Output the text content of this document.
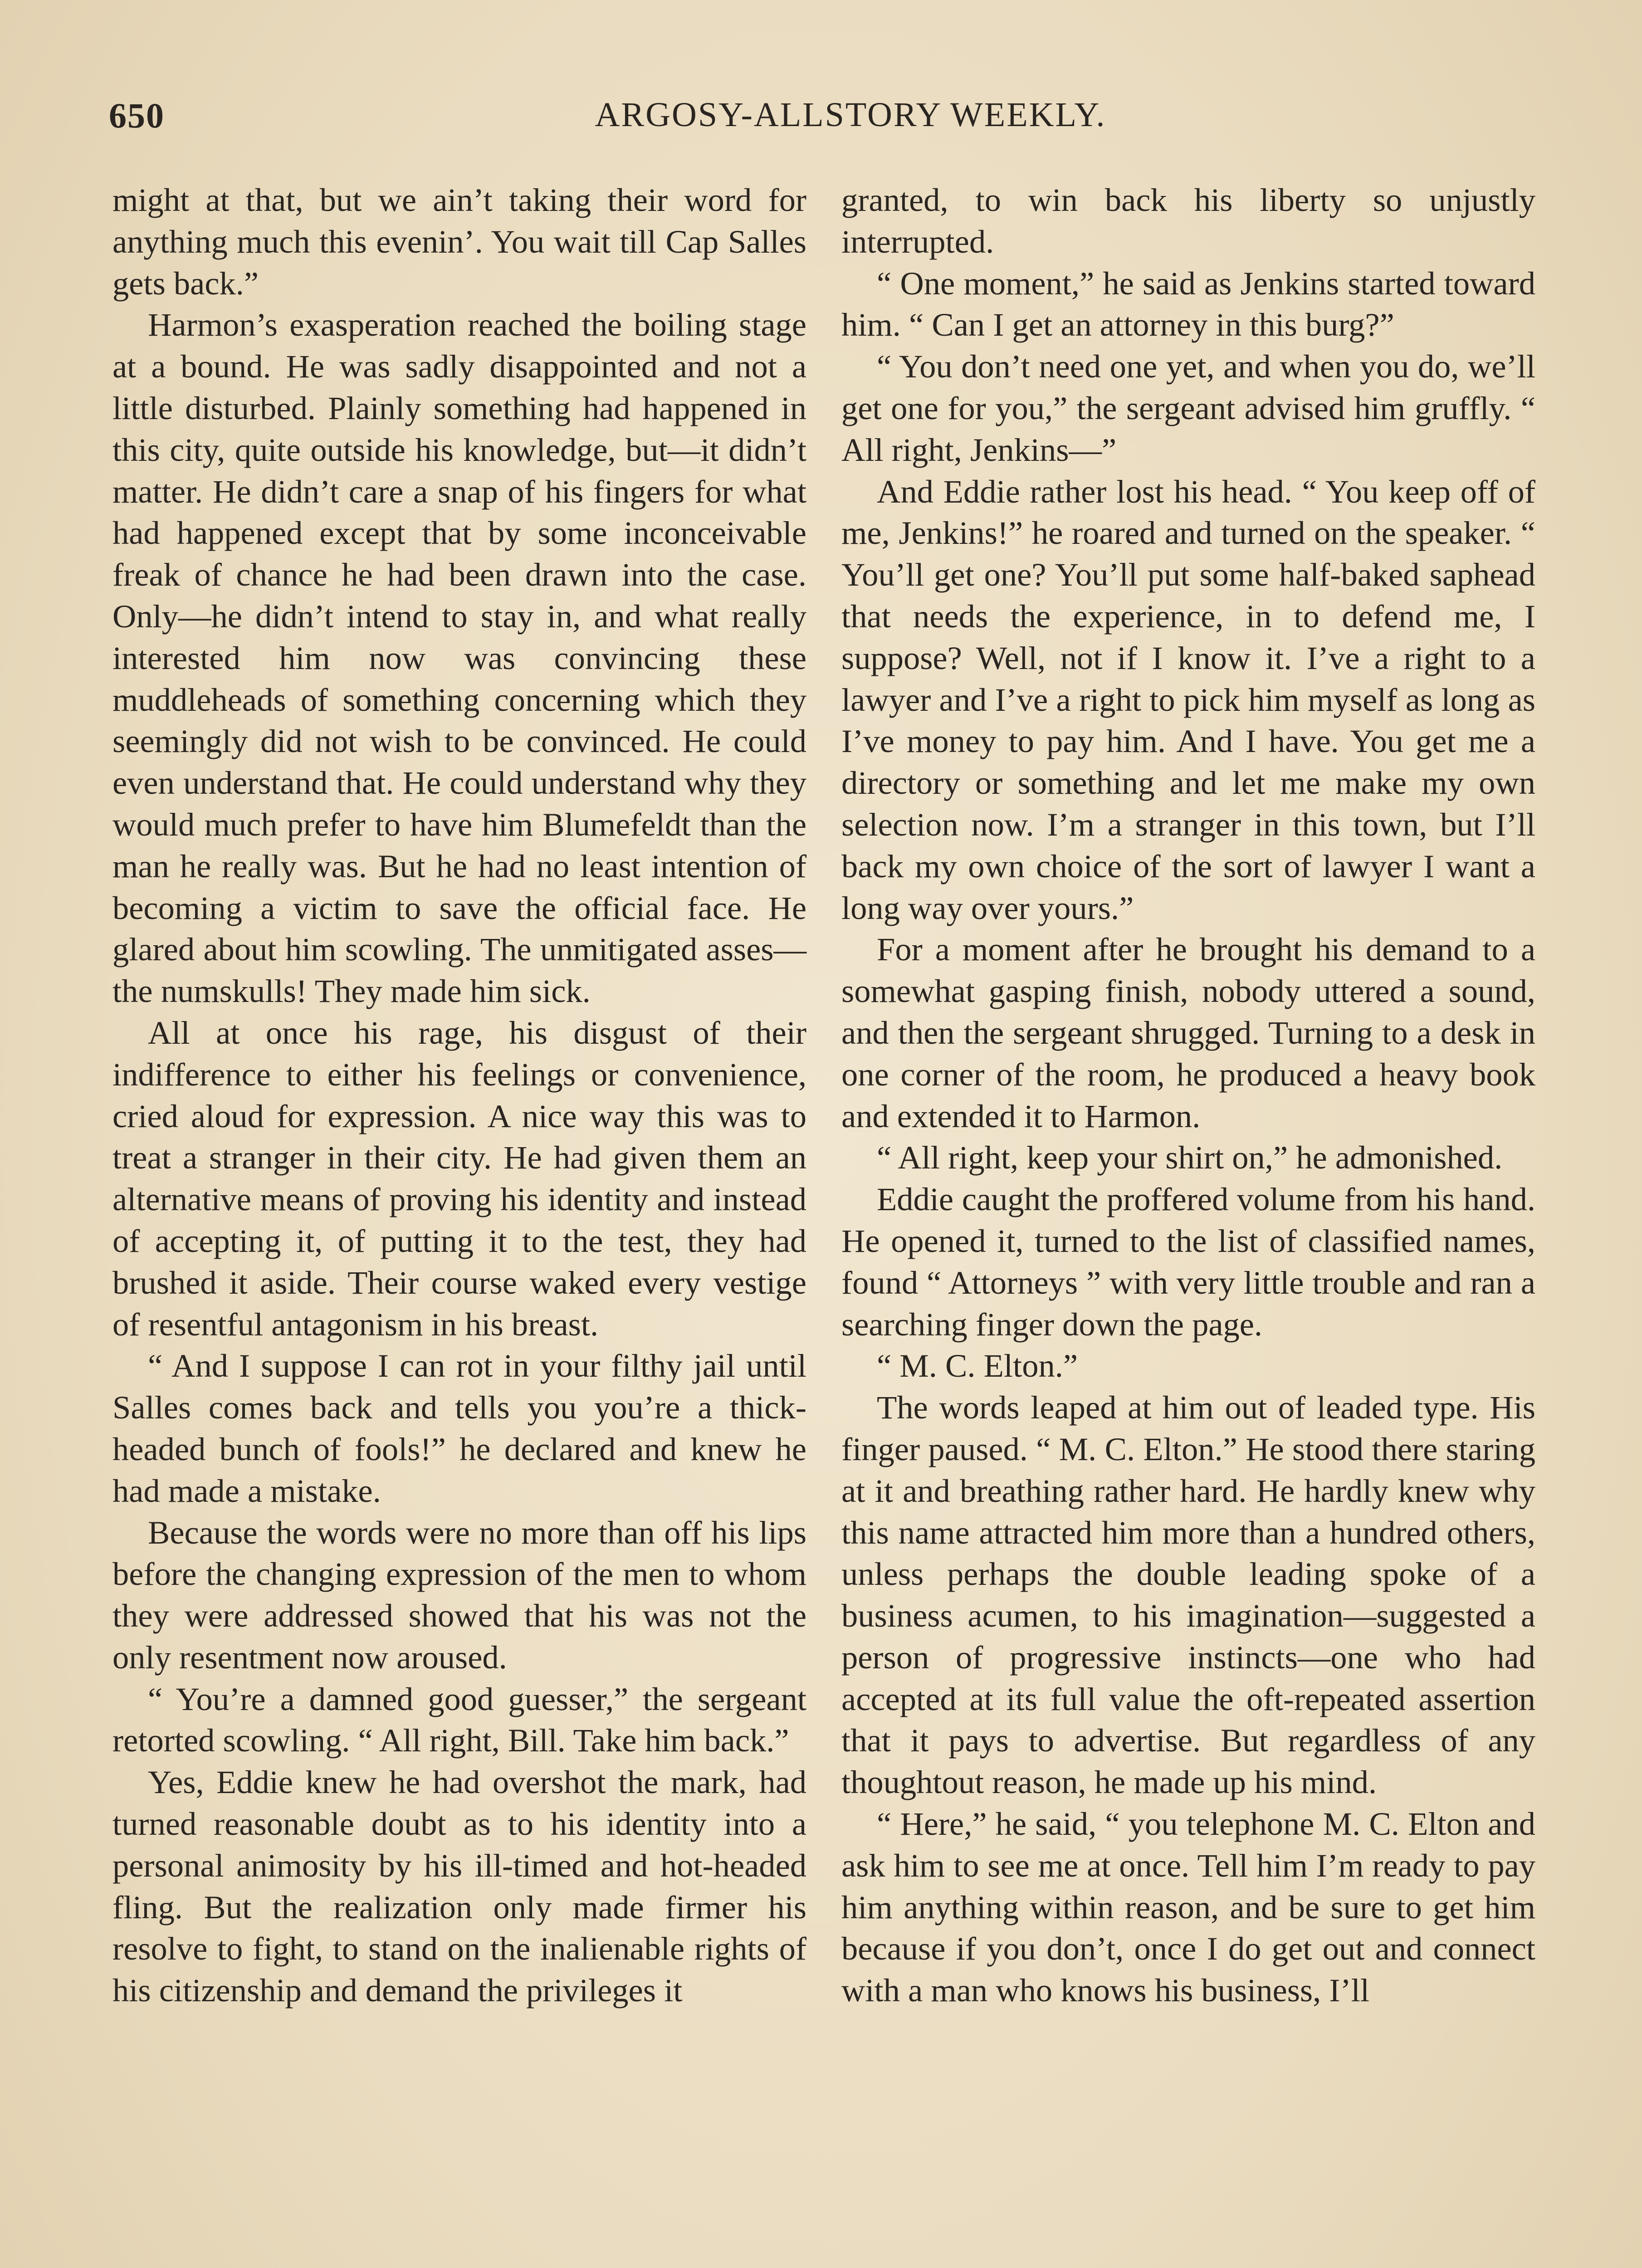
650	ARGOSY-ALLSTORY WEEKLY.

might at that, but we ain’t taking their word for anything much this evenin’. You wait till Cap Salles gets back.”

Harmon’s exasperation reached the boiling stage at a bound. He was sadly disappointed and not a little disturbed. Plainly something had happened in this city, quite outside his knowledge, but—it didn’t matter. He didn’t care a snap of his fingers for what had happened except that by some inconceivable freak of chance he had been drawn into the case. Only—he didn’t intend to stay in, and what really interested him now was convincing these muddleheads of something concerning which they seemingly did not wish to be convinced. He could even understand that. He could understand why they would much prefer to have him Blumefeldt than the man he really was. But he had no least intention of becoming a victim to save the official face. He glared about him scowling. The unmitigated asses—the numskulls! They made him sick.

All at once his rage, his disgust of their indifference to either his feelings or convenience, cried aloud for expression. A nice way this was to treat a stranger in their city. He had given them an alternative means of proving his identity and instead of accepting it, of putting it to the test, they had brushed it aside. Their course waked every vestige of resentful antagonism in his breast.

“ And I suppose I can rot in your filthy jail until Salles comes back and tells you you’re a thick-headed bunch of fools!” he declared and knew he had made a mistake.

Because the words were no more than off his lips before the changing expression of the men to whom they were addressed showed that his was not the only resentment now aroused.

“ You’re a damned good guesser,” the sergeant retorted scowling. “ All right, Bill. Take him back.”

Yes, Eddie knew he had overshot the mark, had turned reasonable doubt as to his identity into a personal animosity by his ill-timed and hot-headed fling. But the realization only made firmer his resolve to fight, to stand on the inalienable rights of his citizenship and demand the privileges it

granted, to win back his liberty so unjustly interrupted.

“ One moment,” he said as Jenkins started toward him. “ Can I get an attorney in this burg?”

“ You don’t need one yet, and when you do, we’ll get one for you,” the sergeant advised him gruffly. “ All right, Jenkins—”

And Eddie rather lost his head. “ You keep off of me, Jenkins!” he roared and turned on the speaker. “ You’ll get one? You’ll put some half-baked saphead that needs the experience, in to defend me, I suppose? Well, not if I know it. I’ve a right to a lawyer and I’ve a right to pick him myself as long as I’ve money to pay him. And I have. You get me a directory or something and let me make my own selection now. I’m a stranger in this town, but I’ll back my own choice of the sort of lawyer I want a long way over yours.”

For a moment after he brought his demand to a somewhat gasping finish, nobody uttered a sound, and then the sergeant shrugged. Turning to a desk in one corner of the room, he produced a heavy book and extended it to Harmon.

“ All right, keep your shirt on,” he admonished.

Eddie caught the proffered volume from his hand. He opened it, turned to the list of classified names, found “ Attorneys ” with very little trouble and ran a searching finger down the page.

“ M. C. Elton.”

The words leaped at him out of leaded type. His finger paused. “ M. C. Elton.” He stood there staring at it and breathing rather hard. He hardly knew why this name attracted him more than a hundred others, unless perhaps the double leading spoke of a business acumen, to his imagination—suggested a person of progressive instincts—one who had accepted at its full value the oft-repeated assertion that it pays to advertise. But regardless of any thoughtout reason, he made up his mind.

“ Here,” he said, “ you telephone M. C. Elton and ask him to see me at once. Tell him I’m ready to pay him anything within reason, and be sure to get him because if you don’t, once I do get out and connect with a man who knows his business, I’ll
